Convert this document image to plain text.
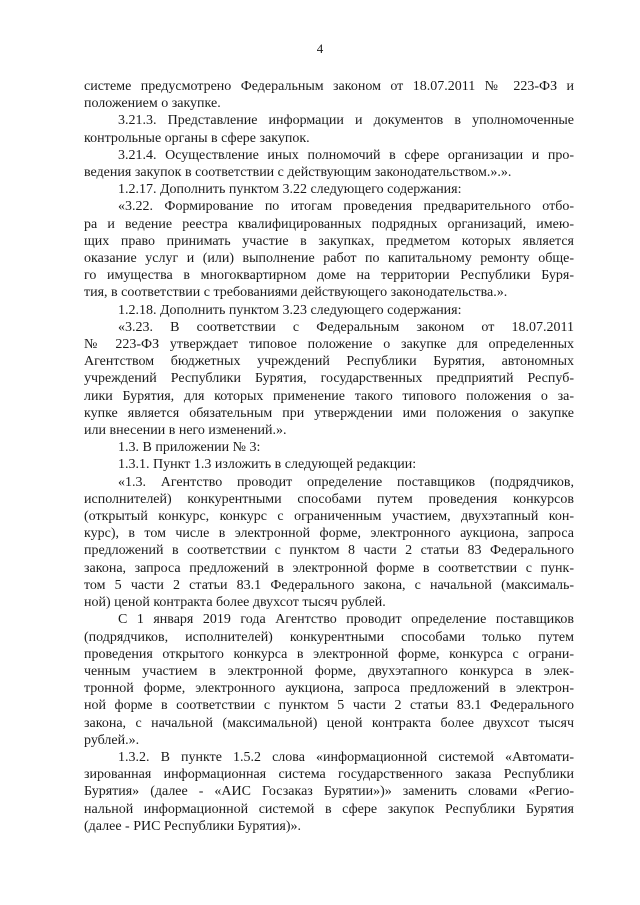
4

системе предусмотрено Федеральным законом от 18.07.2011 № 223-ФЗ и
положением о закупке.

3.21.3. Представление информации и документов в уполномоченные
контрольные органы в сфере закупок.

3.21.4. Осуществление иных полномочий в сфере организации и про-
ведения закупок в соответствии с действующим законодательством.».».

1.2.17. Дополнить пунктом 3.22 следующего содержания:

«3.22. Формирование по итогам проведения предварительного отбо-
ра и ведение реестра квалифицированных подрядных организаций, имею-
щих право принимать участие в закупках, предметом которых является
оказание услуг и (или) выполнение работ по капитальному ремонту обще-
го имущества в многоквартирном доме на территории Республики Буря-
тия, в соответствии с требованиями действующего законодательства.».

1.2.18. Дополнить пунктом 3.23 следующего содержания:

«3.23. В соответствии с Федеральным законом от 18.07.2011
№ 223-ФЗ утверждает типовое положение о закупке для определенных
Агентством бюджетных учреждений Республики Бурятия, автономных
учреждений Республики Бурятия, государственных предприятий Респуб-
лики Бурятия, для которых применение такого типового положения о за-
купке является обязательным при утверждении ими положения о закупке
или внесении в него изменений.».

1.3. В приложении № 3:

1.3.1. Пункт 1.3 изложить в следующей редакции:

«1.3. Агентство проводит определение поставщиков (подрядчиков,
исполнителей) конкурентными способами путем проведения конкурсов
(открытый конкурс, конкурс с ограниченным участием, двухэтапный кон-
курс), в том числе в электронной форме, электронного аукциона, запроса
предложений в соответствии с пунктом 8 части 2 статьи 83 Федерального
закона, запроса предложений в электронной форме в соответствии с пунк-
том 5 части 2 статьи 83.1 Федерального закона, с начальной (максималь-
ной) ценой контракта более двухсот тысяч рублей.

С 1 января 2019 года Агентство проводит определение поставщиков
(подрядчиков, исполнителей) конкурентными способами только путем
проведения открытого конкурса в электронной форме, конкурса с ограни-
ченным участием в электронной форме, двухэтапного конкурса в элек-
тронной форме, электронного аукциона, запроса предложений в электрон-
ной форме в соответствии с пунктом 5 части 2 статьи 83.1 Федерального
закона, с начальной (максимальной) ценой контракта более двухсот тысяч
рублей.».

1.3.2. В пункте 1.5.2 слова «информационной системой «Автомати-
зированная информационная система государственного заказа Республики
Бурятия» (далее - «АИС Госзаказ Бурятии»)» заменить словами «Регио-
нальной информационной системой в сфере закупок Республики Бурятия
(далее - РИС Республики Бурятия)».
